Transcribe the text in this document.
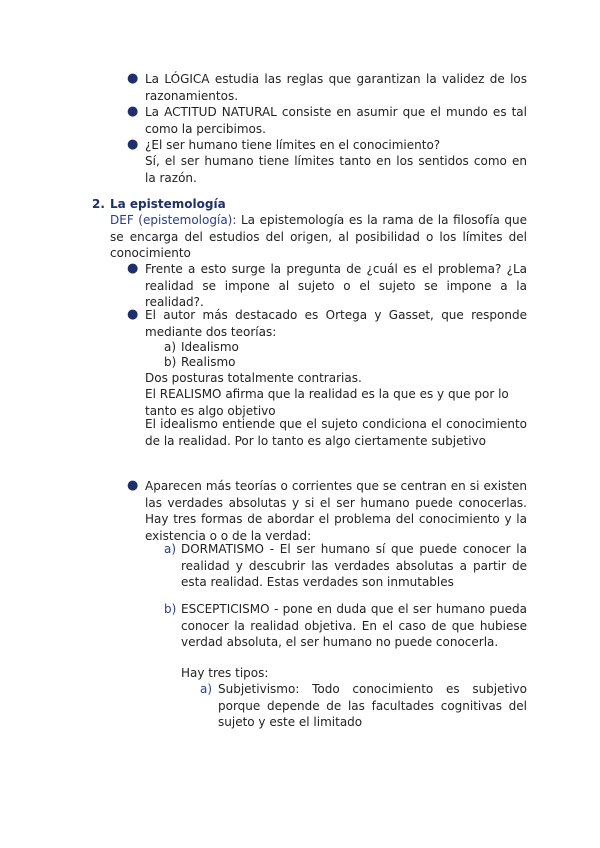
● La LÓGICA estudia las reglas que garantizan la validez de los razonamientos.

● La ACTITUD NATURAL consiste en asumir que el mundo es tal como la percibimos.

● ¿El ser humano tiene límites en el conocimiento?

Sí, el ser humano tiene límites tanto en los sentidos como en la razón.

2. La epistemología

DEF (epistemología): La epistemología es la rama de la filosofía que se encarga del estudios del origen, al posibilidad o los límites del conocimiento

● Frente a esto surge la pregunta de ¿cuál es el problema? ¿La realidad se impone al sujeto o el sujeto se impone a la realidad?.

● El autor más destacado es Ortega y Gasset, que responde mediante dos teorías:

a) Idealismo
b) Realismo

Dos posturas totalmente contrarias.

El REALISMO afirma que la realidad es la que es y que por lo tanto es algo objetivo

El idealismo entiende que el sujeto condiciona el conocimiento de la realidad. Por lo tanto es algo ciertamente subjetivo

● Aparecen más teorías o corrientes que se centran en si existen las verdades absolutas y si el ser humano puede conocerlas. Hay tres formas de abordar el problema del conocimiento y la existencia o o de la verdad:

a) DORMATISMO - El ser humano sí que puede conocer la realidad y descubrir las verdades absolutas a partir de esta realidad. Estas verdades son inmutables

b) ESCEPTICISMO - pone en duda que el ser humano pueda conocer la realidad objetiva. En el caso de que hubiese verdad absoluta, el ser humano no puede conocerla.

Hay tres tipos:

a) Subjetivismo: Todo conocimiento es subjetivo porque depende de las facultades cognitivas del sujeto y este el limitado
